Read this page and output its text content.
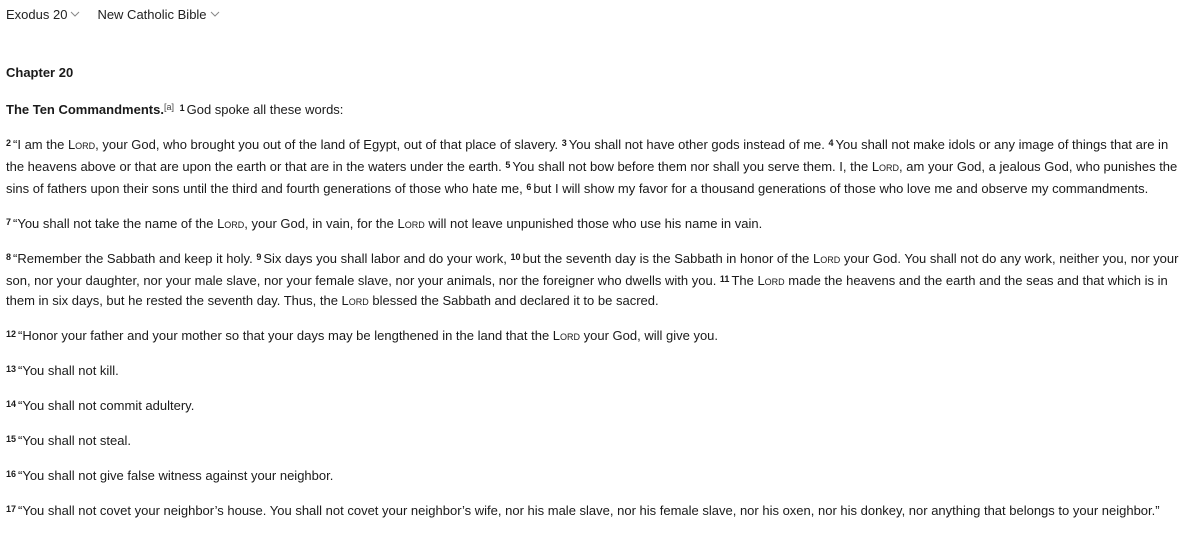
Exodus 20 New Catholic Bible
Chapter 20

The Ten Commandments.[a] $^1$ God spoke all these words:

$^2$ “I am the Lord, your God, who brought you out of the land of Egypt, out of that place of slavery. $^3$ You shall not have other gods instead of me. $^4$ You shall not make idols or any image of things that are in the heavens above or that are upon the earth or that are in the waters under the earth. $^5$ You shall not bow before them nor shall you serve them. I, the Lord, am your God, a jealous God, who punishes the sins of fathers upon their sons until the third and fourth generations of those who hate me, $^6$ but I will show my favor for a thousand generations of those who love me and observe my commandments.

$^7$ “You shall not take the name of the Lord, your God, in vain, for the Lord will not leave unpunished those who use his name in vain.

$^8$ “Remember the Sabbath and keep it holy. $^9$ Six days you shall labor and do your work, $^{10}$ but the seventh day is the Sabbath in honor of the Lord your God. You shall not do any work, neither you, nor your son, nor your daughter, nor your male slave, nor your female slave, nor your animals, nor the foreigner who dwells with you. $^{11}$ The Lord made the heavens and the earth and the seas and that which is in them in six days, but he rested the seventh day. Thus, the Lord blessed the Sabbath and declared it to be sacred.

$^{12}$ “Honor your father and your mother so that your days may be lengthened in the land that the Lord your God, will give you.

$^{13}$ “You shall not kill.

$^{14}$ “You shall not commit adultery.

$^{15}$ “You shall not steal.

$^{16}$ “You shall not give false witness against your neighbor.

$^{17}$ “You shall not covet your neighbor’s house. You shall not covet your neighbor’s wife, nor his male slave, nor his female slave, nor his oxen, nor his donkey, nor anything that belongs to your neighbor.”
